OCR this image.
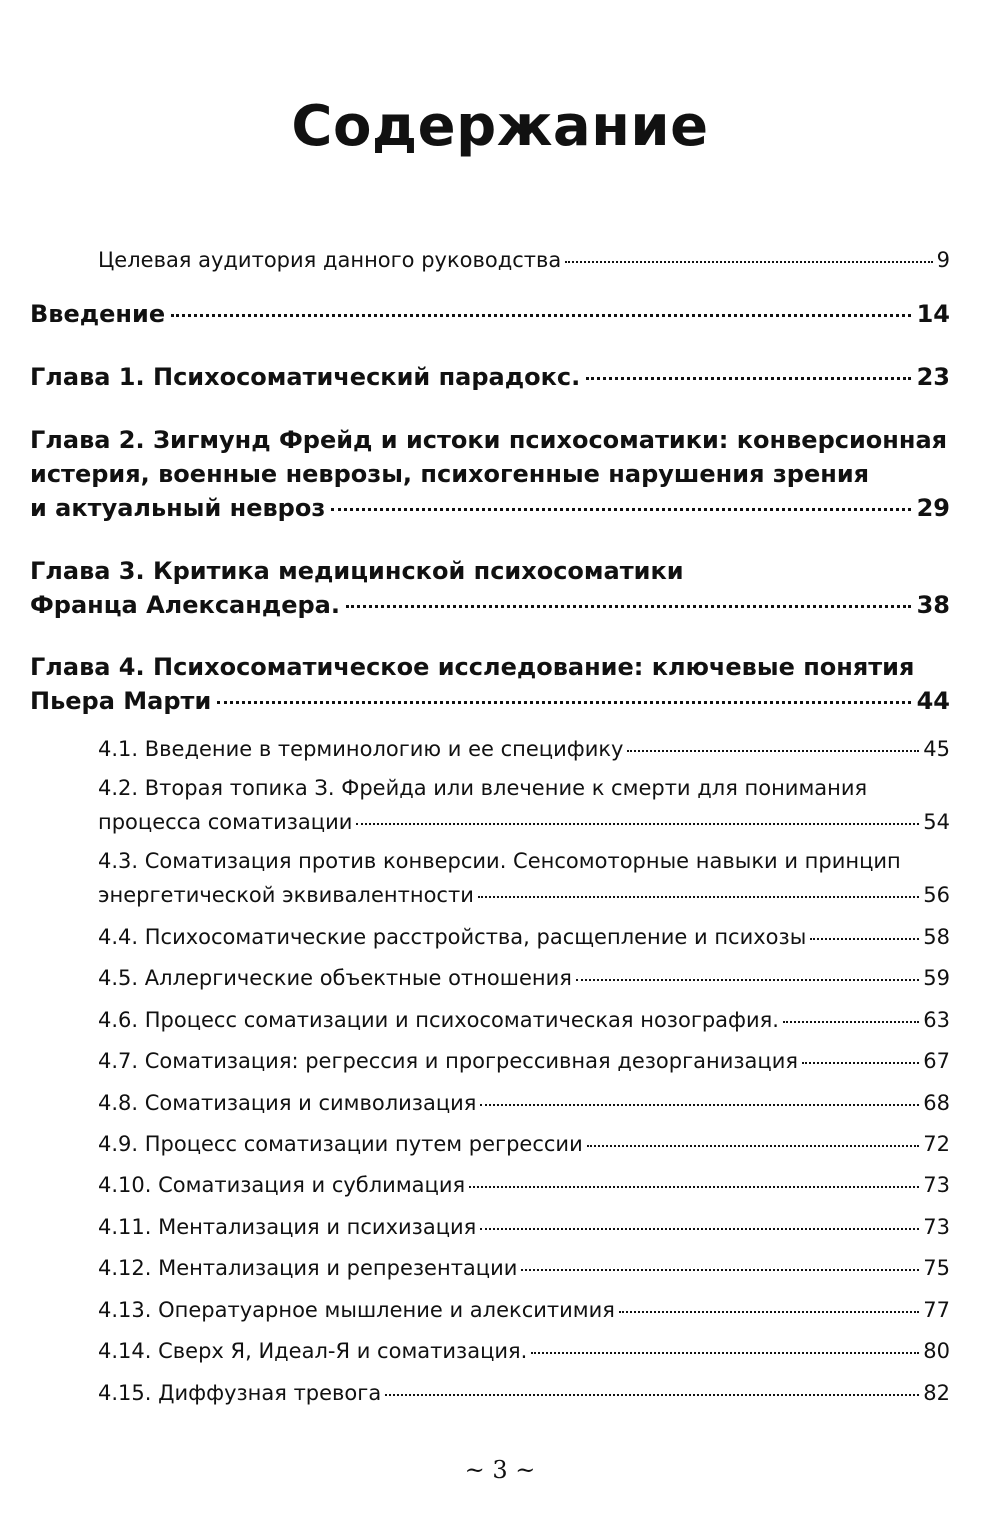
Содержание
Целевая аудитория данного руководства	9
Введение	14
Глава 1. Психосоматический парадокс.	23
Глава 2. Зигмунд Фрейд и истоки психосоматики: конверсионная
истерия, военные неврозы, психогенные нарушения зрения
и актуальный невроз	29
Глава 3. Критика медицинской психосоматики
Франца Александера.	38
Глава 4. Психосоматическое исследование: ключевые понятия
Пьера Марти	44
4.1. Введение в терминологию и ее специфику	45
4.2. Вторая топика З. Фрейда или влечение к смерти для понимания
процесса соматизации	54
4.3. Соматизация против конверсии. Сенсомоторные навыки и принцип
энергетической эквивалентности	56
4.4. Психосоматические расстройства, расщепление и психозы	58
4.5. Аллергические объектные отношения	59
4.6. Процесс соматизации и психосоматическая нозография.	63
4.7. Соматизация: регрессия и прогрессивная дезорганизация	67
4.8. Соматизация и символизация	68
4.9. Процесс соматизации путем регрессии	72
4.10. Соматизация и сублимация	73
4.11. Ментализация и психизация	73
4.12. Ментализация и репрезентации	75
4.13. Оператуарное мышление и алекситимия	77
4.14. Сверх Я, Идеал-Я и соматизация.	80
4.15. Диффузная тревога	82
~ 3 ~
